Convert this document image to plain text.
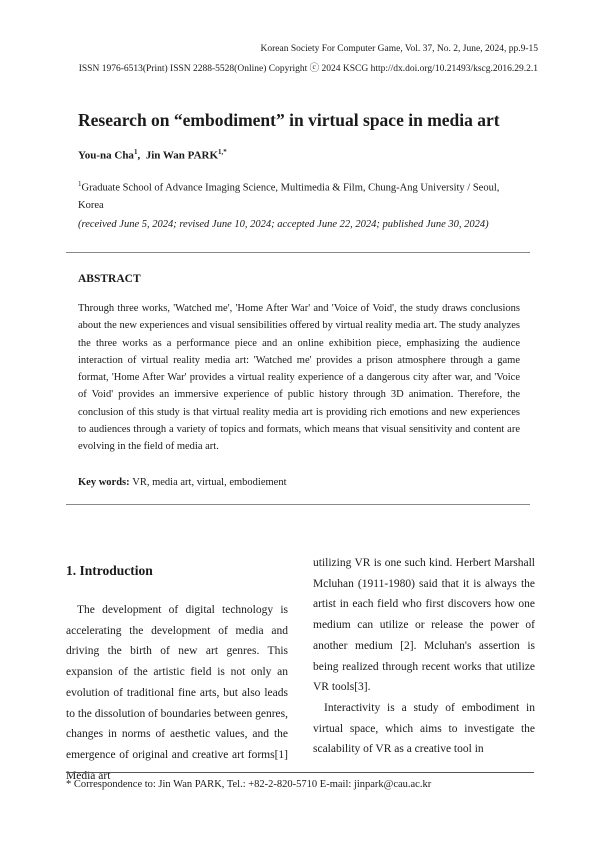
Korean Society For Computer Game, Vol. 37, No. 2, June, 2024, pp.9-15
ISSN 1976-6513(Print) ISSN 2288-5528(Online) Copyright ⓒ 2024 KSCG http://dx.doi.org/10.21493/kscg.2016.29.2.1
Research on “embodiment” in virtual space in media art
You-na Cha$^1$,  Jin Wan $PARK^{1,*}$
$^1$Graduate School of Advance Imaging Science, Multimedia & Film, Chung-Ang University / Seoul, Korea
(received June 5, 2024; revised June 10, 2024; accepted June 22, 2024; published June 30, 2024)
ABSTRACT
Through three works, 'Watched me', 'Home After War' and 'Voice of Void', the study draws conclusions about the new experiences and visual sensibilities offered by virtual reality media art. The study analyzes the three works as a performance piece and an online exhibition piece, emphasizing the audience interaction of virtual reality media art: 'Watched me' provides a prison atmosphere through a game format, 'Home After War' provides a virtual reality experience of a dangerous city after war, and 'Voice of Void' provides an immersive experience of public history through 3D animation. Therefore, the conclusion of this study is that virtual reality media art is providing rich emotions and new experiences to audiences through a variety of topics and formats, which means that visual sensitivity and content are evolving in the field of media art.
Key words: VR, media art, virtual, embodiement
1. Introduction
The development of digital technology is accelerating the development of media and driving the birth of new art genres. This expansion of the artistic field is not only an evolution of traditional fine arts, but also leads to the dissolution of boundaries between genres, changes in norms of aesthetic values, and the emergence of original and creative art forms[1] Media art

utilizing VR is one such kind. Herbert Marshall Mcluhan (1911-1980) said that it is always the artist in each field who first discovers how one medium can utilize or release the power of another medium [2]. Mcluhan's assertion is being realized through recent works that utilize VR tools[3].

Interactivity is a study of embodiment in virtual space, which aims to investigate the scalability of VR as a creative tool in

* Correspondence to: Jin Wan PARK, Tel.: +82-2-820-5710 E-mail: jinpark@cau.ac.kr
